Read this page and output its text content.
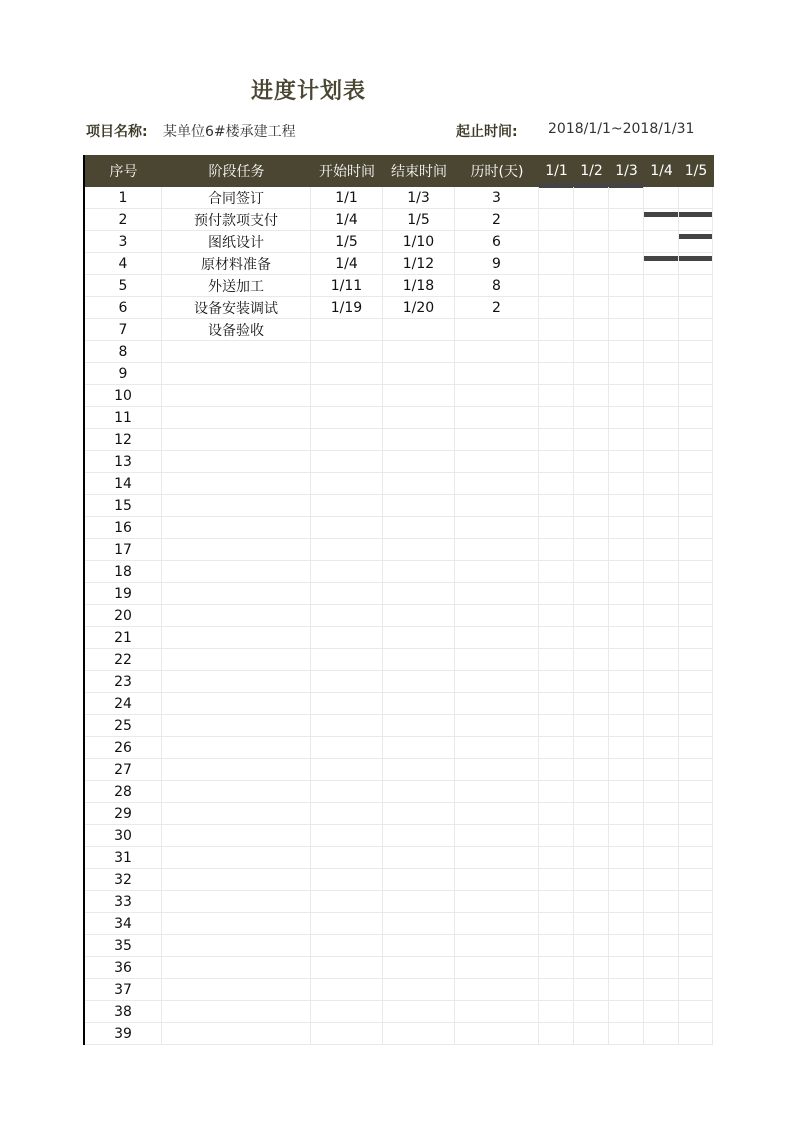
进度计划表
项目名称: 某单位6#楼承建工程	起止时间: 2018/1/1~2018/1/31
序号	阶段任务	开始时间	结束时间	历时(天)	1/1 1/2 1/3 1/4 1/5
1	合同签订	1/1	1/3	3
2	预付款项支付	1/4	1/5	2
3	图纸设计	1/5	1/10	6
4	原材料准备	1/4	1/12	9
5	外送加工	1/11	1/18	8
6	设备安装调试	1/19	1/20	2
7	设备验收
8
9
10
11
12
13
14
15
16
17
18
19
20
21
22
23
24
25
26
27
28
29
30
31
32
33
34
35
36
37
38
39
